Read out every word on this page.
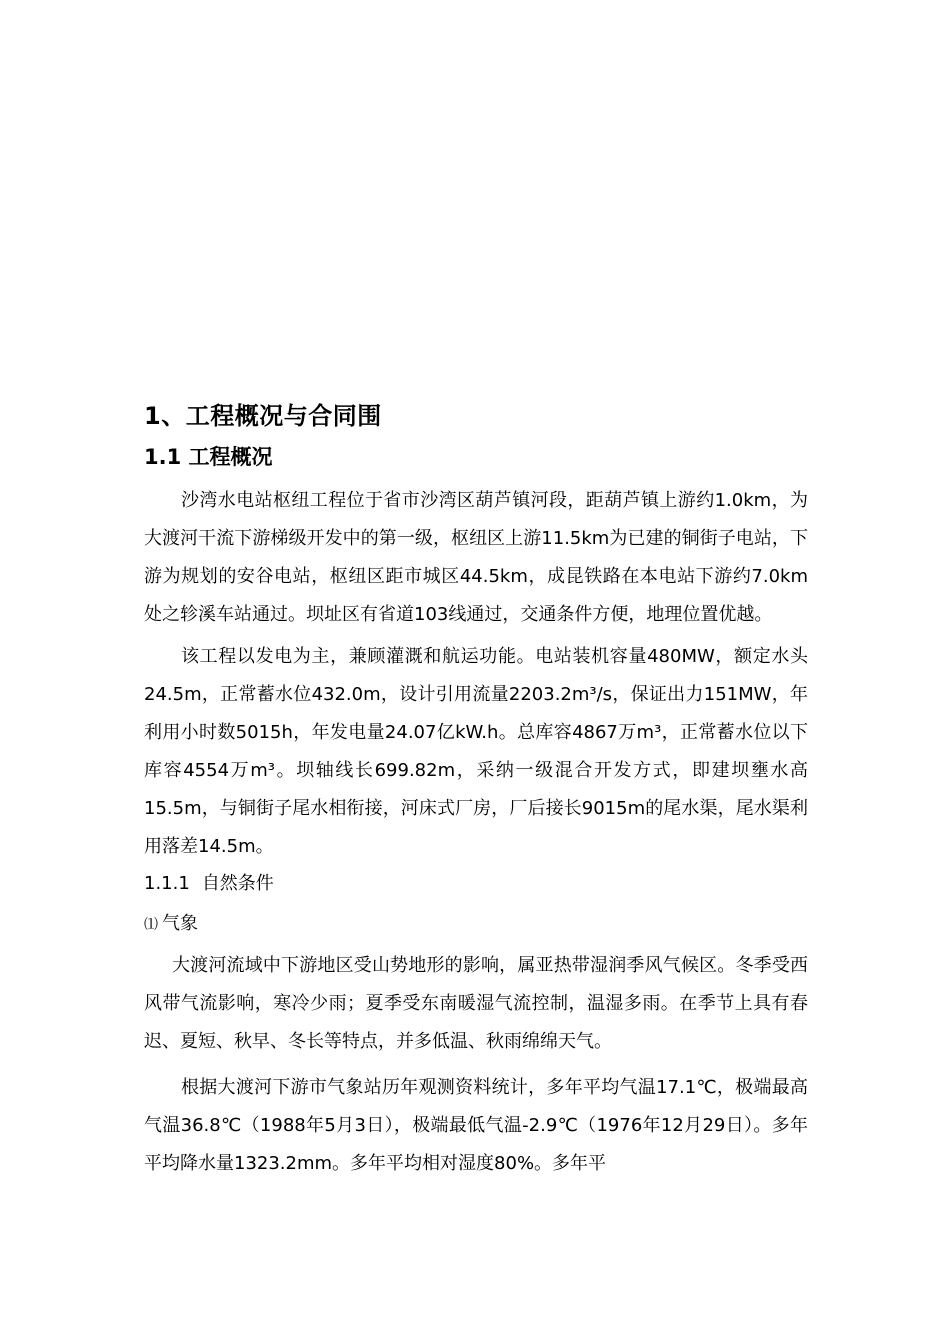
1、工程概况与合同围
1.1 工程概况

沙湾水电站枢纽工程位于省市沙湾区葫芦镇河段，距葫芦镇上游约1.0km，为大渡河干流下游梯级开发中的第一级，枢纽区上游11.5km为已建的铜街子电站，下游为规划的安谷电站，枢纽区距市城区44.5km，成昆铁路在本电站下游约7.0km处之轸溪车站通过。坝址区有省道103线通过，交通条件方便，地理位置优越。

该工程以发电为主，兼顾灌溉和航运功能。电站装机容量480MW，额定水头24.5m，正常蓄水位432.0m，设计引用流量2203.2m³/s，保证出力151MW，年利用小时数5015h，年发电量24.07亿kW.h。总库容4867万m³，正常蓄水位以下库容4554万m³。坝轴线长699.82m，采纳一级混合开发方式，即建坝壅水高15.5m，与铜街子尾水相衔接，河床式厂房，厂后接长9015m的尾水渠，尾水渠利用落差14.5m。

1.1.1 自然条件
⑴ 气象

大渡河流域中下游地区受山势地形的影响，属亚热带湿润季风气候区。冬季受西风带气流影响，寒冷少雨；夏季受东南暖湿气流控制，温湿多雨。在季节上具有春迟、夏短、秋早、冬长等特点，并多低温、秋雨绵绵天气。

根据大渡河下游市气象站历年观测资料统计，多年平均气温17.1℃，极端最高气温36.8℃（1988年5月3日），极端最低气温-2.9℃（1976年12月29日）。多年平均降水量1323.2mm。多年平均相对湿度80%。多年平
